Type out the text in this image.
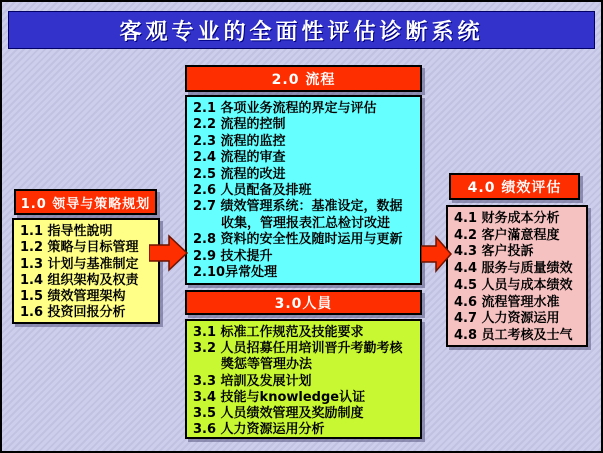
客观专业的全面性评估诊断系统
2.0 流程
2.1 各项业务流程的界定与评估
2.2 流程的控制
2.3 流程的监控
2.4 流程的审查
2.5 流程的改进
2.6 人员配备及排班
2.7 绩效管理系统：基准设定，数据收集，管理报表汇总检讨改进
2.8 资料的安全性及随时运用与更新
2.9 技术提升
2.10异常处理
1.0 领导与策略规划
1.1 指导性說明
1.2 策略与目标管理
1.3 计划与基准制定
1.4 组织架构及权责
1.5 绩效管理架构
1.6 投资回报分析
4.0 绩效评估
4.1 财务成本分析
4.2 客户滿意程度
4.3 客户投訴
4.4 服务与质量绩效
4.5 人员与成本绩效
4.6 流程管理水准
4.7 人力资源运用
4.8 员工考核及士气
3.0人員
3.1 标准工作规范及技能要求
3.2 人员招募任用培训晋升考勤考核獎惩等管理办法
3.3 培訓及发展计划
3.4 技能与knowledge认证
3.5 人员绩效管理及奖励制度
3.6 人力资源运用分析
